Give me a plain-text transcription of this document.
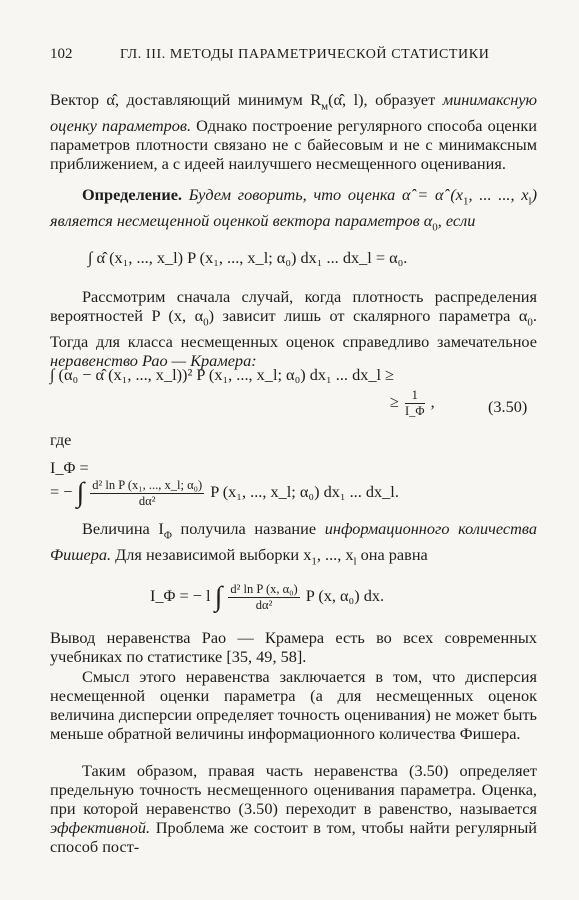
102	ГЛ. III. МЕТОДЫ ПАРАМЕТРИЧЕСКОЙ СТАТИСТИКИ
Вектор α̂, доставляющий минимум $R_м(\alphâ$, l), образует минимаксную оценку параметров. Однако построение регулярного способа оценки параметров плотности связано не с байесовым и не с минимаксным приближением, а с идеей наилучшего несмещенного оценивания.
Определение. Будем говорить, что оценка α̂ = α̂ ($x_1$, ... ..., $x_l$) является несмещенной оценкой вектора параметров $\alpha_0$, если
∫ α̂ (x₁, ..., x_l) P (x₁, ..., x_l; α₀) dx₁ ... dx_l = α₀.
Рассмотрим сначала случай, когда плотность распределения вероятностей P (x, $\alpha_0$) зависит лишь от скалярного параметра $\alpha_0$. Тогда для класса несмещенных оценок справедливо замечательное неравенство Рао — Крамера:
∫ (α₀ − α̂ (x₁, ..., x_l))² P (x₁, ..., x_l; α₀) dx₁ ... dx_l ≥
≥ $\frac{1}{I\_\Phi}$ ,	(3.50)
где
I_Φ =
= − ∫ $\frac{\text{d² ln P (x₁, ..., x\_l; α₀)}}{\text{dα²}}$ P (x₁, ..., x_l; α₀) dx₁ ... dx_l.
Величина $I_\Phi$ получила название информационного количества Фишера. Для независимой выборки $x_1$, ..., $x_l$ она равна
I_Φ = − l ∫ $\frac{\text{d² ln P (x, α₀)}}{\text{dα²}}$ P (x, α₀) dx.
Вывод неравенства Рао — Крамера есть во всех современных учебниках по статистике [35, 49, 58].
Смысл этого неравенства заключается в том, что дисперсия несмещенной оценки параметра (а для несмещенных оценок величина дисперсии определяет точность оценивания) не может быть меньше обратной величины информационного количества Фишера.
Таким образом, правая часть неравенства (3.50) определяет предельную точность несмещенного оценивания параметра. Оценка, при которой неравенство (3.50) переходит в равенство, называется эффективной. Проблема же состоит в том, чтобы найти регулярный способ пост-
